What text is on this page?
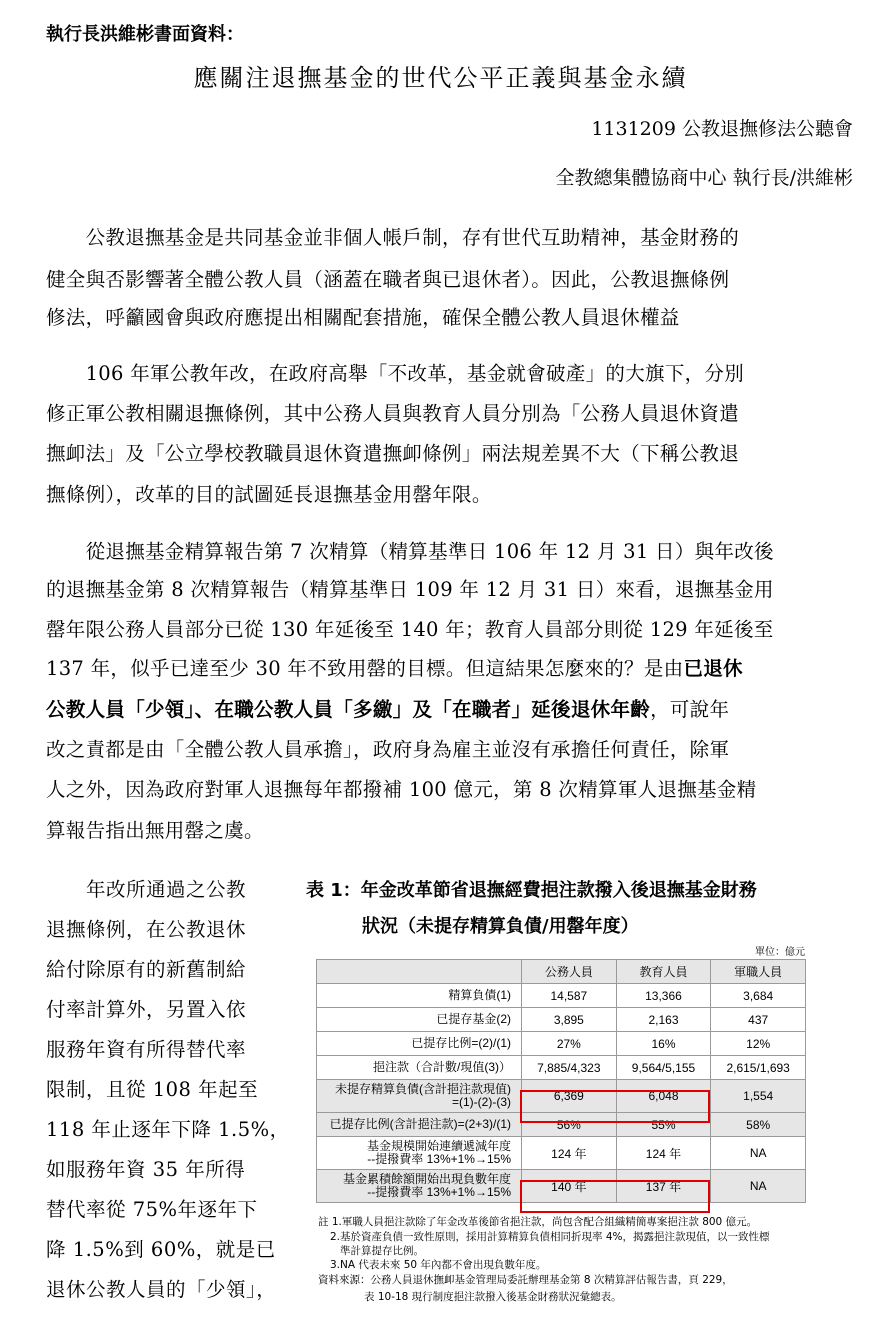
執行長洪維彬書面資料：
應關注退撫基金的世代公平正義與基金永續
1131209 公教退撫修法公聽會
全教總集體協商中心 執行長/洪維彬

　　公教退撫基金是共同基金並非個人帳戶制，存有世代互助精神，基金財務的

健全與否影響著全體公教人員（涵蓋在職者與已退休者）。因此，公教退撫條例

修法，呼籲國會與政府應提出相關配套措施，確保全體公教人員退休權益

　　106 年軍公教年改，在政府高舉「不改革，基金就會破產」的大旗下，分別

修正軍公教相關退撫條例，其中公務人員與教育人員分別為「公務人員退休資遣

撫卹法」及「公立學校教職員退休資遣撫卹條例」兩法規差異不大（下稱公教退

撫條例），改革的目的試圖延長退撫基金用罄年限。

　　從退撫基金精算報告第 7 次精算（精算基準日 106 年 12 月 31 日）與年改後

的退撫基金第 8 次精算報告（精算基準日 109 年 12 月 31 日）來看，退撫基金用

罄年限公務人員部分已從 130 年延後至 140 年；教育人員部分則從 129 年延後至

137 年，似乎已達至少 30 年不致用罄的目標。但這結果怎麼來的？是由已退休

公教人員「少領」、在職公教人員「多繳」及「在職者」延後退休年齡，可說年

改之責都是由「全體公教人員承擔」，政府身為雇主並沒有承擔任何責任，除軍

人之外，因為政府對軍人退撫每年都撥補 100 億元，第 8 次精算軍人退撫基金精

算報告指出無用罄之虞。

　　年改所通過之公教

退撫條例，在公教退休

給付除原有的新舊制給

付率計算外，另置入依

服務年資有所得替代率

限制，且從 108 年起至

118 年止逐年下降 1.5%，

如服務年資 35 年所得

替代率從 75%年逐年下

降 1.5%到 60%，就是已

退休公教人員的「少領」，

表 1：年金改革節省退撫經費挹注款撥入後退撫基金財務
狀況（未提存精算負債/用罄年度）
單位：億元
	公務人員	教育人員	軍職人員
精算負債(1)	14,587	13,366	3,684
已提存基金(2)	3,895	2,163	437
已提存比例=(2)/(1)	27%	16%	12%
挹注款（合計數/現值(3)）	7,885/4,323	9,564/5,155	2,615/1,693
未提存精算負債(含計挹注款現值)
=(1)-(2)-(3)	6,369	6,048	1,554
已提存比例(含計挹注款)=(2+3)/(1)	56%	55%	58%
基金規模開始連續遞減年度
--提撥費率 13%+1%→15%	124 年	124 年	NA
基金累積餘額開始出現負數年度
--提撥費率 13%+1%→15%	140 年	137 年	NA

註 1.軍職人員挹注款除了年金改革後節省挹注款，尚包含配合組織精簡專案挹注款 800 億元。

2.基於資產負債一致性原則，採用計算精算負債相同折現率 4%，揭露挹注款現值，以一致性標

準計算提存比例。

3.NA 代表未來 50 年內都不會出現負數年度。

資料來源：公務人員退休撫卹基金管理局委託辦理基金第 8 次精算評估報告書，頁 229，

表 10-18 現行制度挹注款撥入後基金財務狀況彙總表。
